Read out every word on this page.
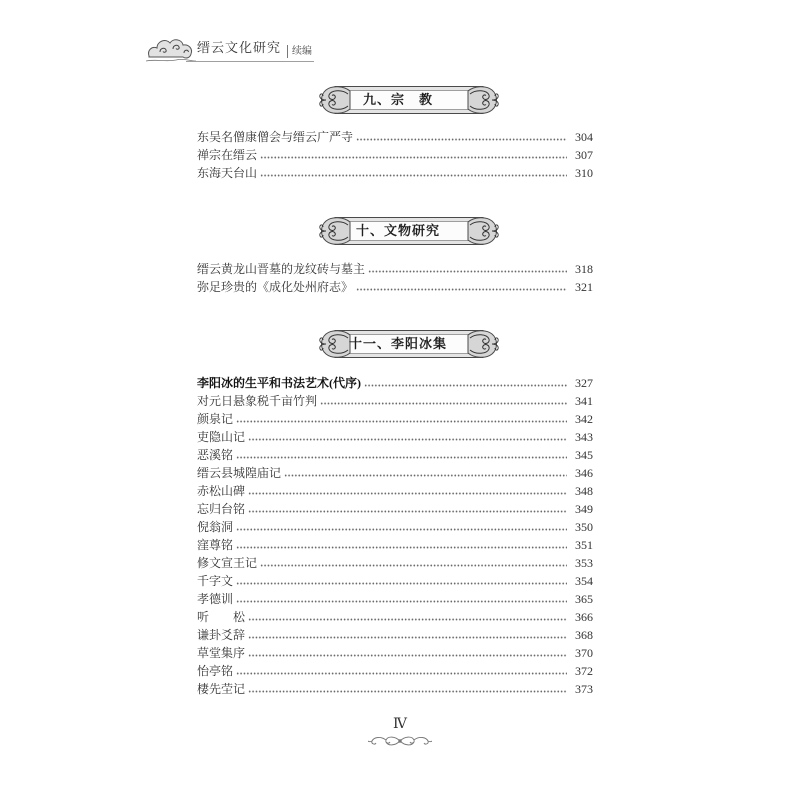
缙云文化研究 续编
九、宗　教
东吴名僧康僧会与缙云广严寺	304
禅宗在缙云	307
东海天台山	310
十、文物研究
缙云黄龙山晋墓的龙纹砖与墓主	318
弥足珍贵的《成化处州府志》	321
十一、李阳冰集
李阳冰的生平和书法艺术(代序)	327
对元日悬象税千亩竹判	341
颜泉记	342
吏隐山记	343
恶溪铭	345
缙云县城隍庙记	346
赤松山碑	348
忘归台铭	349
倪翁洞	350
窪尊铭	351
修文宣王记	353
千字文	354
孝德训	365
听　　松	366
谦卦爻辞	368
草堂集序	370
怡亭铭	372
棲先茔记	373
Ⅳ
